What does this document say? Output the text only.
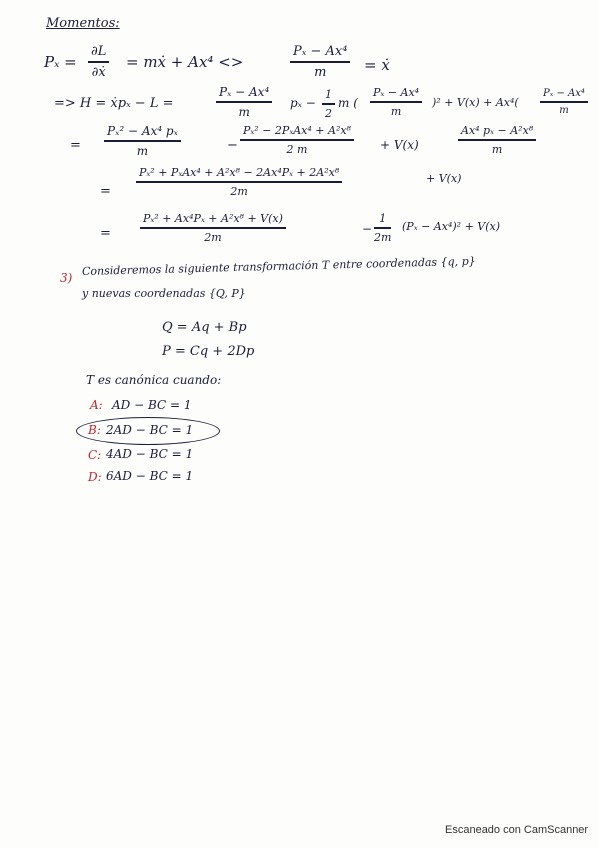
Momentos:
Pₓ =
∂L
∂ẋ
= mẋ + Ax⁴ <>
Pₓ − Ax⁴
m	= ẋ
=> H = ẋpₓ − L =
Pₓ − Ax⁴
m
pₓ −
1
2
m (
Pₓ − Ax⁴
m
)² + V(x) + Ax⁴(
Pₓ − Ax⁴
m
=
Pₓ² − Ax⁴ pₓ
m	−
Pₓ² − 2PₓAx⁴ + A²x⁸
2 m	+ V(x)
Ax⁴ pₓ − A²x⁸
m
=
Pₓ² + PₓAx⁴ + A²x⁸ − 2Ax⁴Pₓ + 2A²x⁸
2m
+ V(x)
=
Pₓ² + Ax⁴Pₓ + A²x⁸ + V(x)
2m
−
1
2m
(Pₓ − Ax⁴)² + V(x)
3)
Consideremos la siguiente transformación T entre coordenadas {q, p}
y nuevas coordenadas {Q, P}
Q = Aq + Bp
P = Cq + 2Dp
T es canónica cuando:
A: AD − BC = 1
B: 2AD − BC = 1
C: 4AD − BC = 1
D: 6AD − BC = 1
Escaneado con CamScanner
